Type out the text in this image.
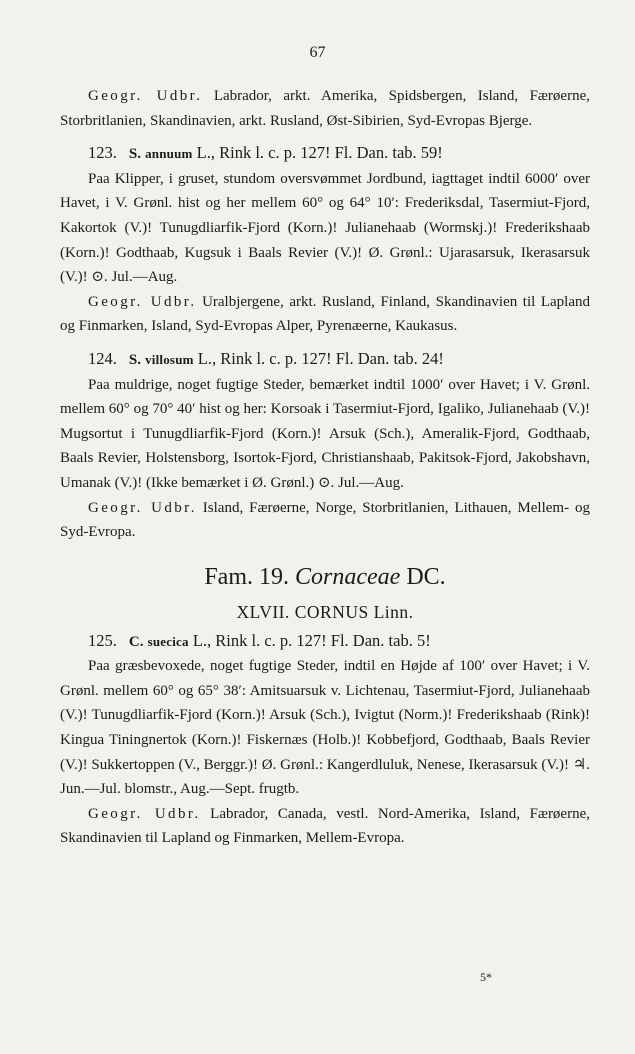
67

Geogr. Udbr. Labrador, arkt. Amerika, Spidsbergen, Island, Færøerne, Storbritlanien, Skandinavien, arkt. Rusland, Øst-Sibirien, Syd-Evropas Bjerge.

123. S. annuum L., Rink l. c. p. 127! Fl. Dan. tab. 59!

Paa Klipper, i gruset, stundom oversvømmet Jordbund, iagttaget indtil 6000′ over Havet, i V. Grønl. hist og her mellem 60° og 64° 10′: Frederiksdal, Tasermiut-Fjord, Kakortok (V.)! Tunugdliarfik-Fjord (Korn.)! Julianehaab (Wormskj.)! Frederikshaab (Korn.)! Godthaab, Kugsuk i Baals Revier (V.)! Ø. Grønl.: Ujarasarsuk, Ikerasarsuk (V.)! ⊙. Jul.—Aug.

Geogr. Udbr. Uralbjergene, arkt. Rusland, Finland, Skandinavien til Lapland og Finmarken, Island, Syd-Evropas Alper, Pyrenæerne, Kaukasus.

124. S. villosum L., Rink l. c. p. 127! Fl. Dan. tab. 24!

Paa muldrige, noget fugtige Steder, bemærket indtil 1000′ over Havet; i V. Grønl. mellem 60° og 70° 40′ hist og her: Korsoak i Tasermiut-Fjord, Igaliko, Julianehaab (V.)! Mugsortut i Tunugdliarfik-Fjord (Korn.)! Arsuk (Sch.), Ameralik-Fjord, Godthaab, Baals Revier, Holstensborg, Isortok-Fjord, Christianshaab, Pakitsok-Fjord, Jakobshavn, Umanak (V.)! (Ikke bemærket i Ø. Grønl.) ⊙. Jul.—Aug.

Geogr. Udbr. Island, Færøerne, Norge, Storbritlanien, Lithauen, Mellem- og Syd-Evropa.

Fam. 19. Cornaceae DC.

XLVII. CORNUS Linn.

125. C. suecica L., Rink l. c. p. 127! Fl. Dan. tab. 5!

Paa græsbevoxede, noget fugtige Steder, indtil en Højde af 100′ over Havet; i V. Grønl. mellem 60° og 65° 38′: Amitsuarsuk v. Lichtenau, Tasermiut-Fjord, Julianehaab (V.)! Tunugdliarfik-Fjord (Korn.)! Arsuk (Sch.), Ivigtut (Norm.)! Frederikshaab (Rink)! Kingua Tiningnertok (Korn.)! Fiskernæs (Holb.)! Kobbefjord, Godthaab, Baals Revier (V.)! Sukkertoppen (V., Berggr.)! Ø. Grønl.: Kangerdluluk, Nenese, Ikerasarsuk (V.)! ♃. Jun.—Jul. blomstr., Aug.—Sept. frugtb.

Geogr. Udbr. Labrador, Canada, vestl. Nord-Amerika, Island, Færøerne, Skandinavien til Lapland og Finmarken, Mellem-Evropa.

5*
